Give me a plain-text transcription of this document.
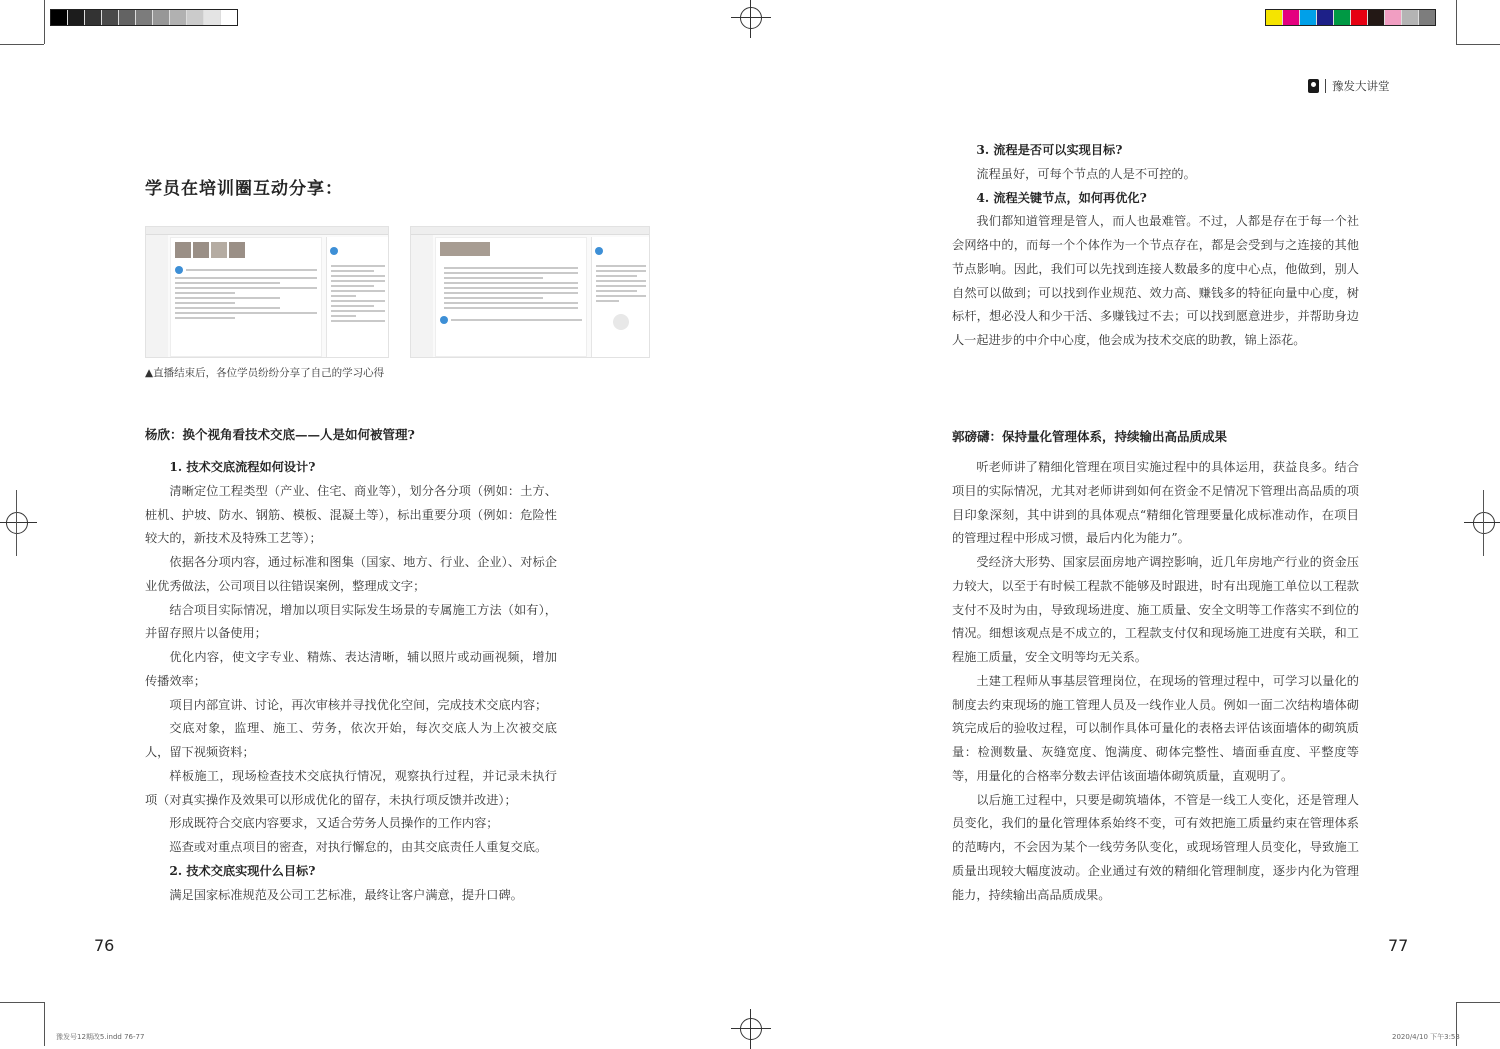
豫发大讲堂
学员在培训圈互动分享：
▲直播结束后，各位学员纷纷分享了自己的学习心得
杨欣：换个视角看技术交底——人是如何被管理?

1. 技术交底流程如何设计?

清晰定位工程类型（产业、住宅、商业等），划分各分项（例如：土方、桩机、护坡、防水、钢筋、模板、混凝土等），标出重要分项（例如：危险性较大的，新技术及特殊工艺等）；

依据各分项内容，通过标准和图集（国家、地方、行业、企业）、对标企业优秀做法，公司项目以往错误案例，整理成文字；

结合项目实际情况，增加以项目实际发生场景的专属施工方法（如有），并留存照片以备使用；

优化内容，使文字专业、精炼、表达清晰，辅以照片或动画视频，增加传播效率；

项目内部宣讲、讨论，再次审核并寻找优化空间，完成技术交底内容；

交底对象，监理、施工、劳务，依次开始，每次交底人为上次被交底人，留下视频资料；

样板施工，现场检查技术交底执行情况，观察执行过程，并记录未执行项（对真实操作及效果可以形成优化的留存，未执行项反馈并改进）；

形成既符合交底内容要求，又适合劳务人员操作的工作内容；

巡查或对重点项目的密查，对执行懈怠的，由其交底责任人重复交底。

2. 技术交底实现什么目标?

满足国家标准规范及公司工艺标准，最终让客户满意，提升口碑。

76

3. 流程是否可以实现目标?

流程虽好，可每个节点的人是不可控的。

4. 流程关键节点，如何再优化?

我们都知道管理是管人，而人也最难管。不过，人都是存在于每一个社会网络中的，而每一个个体作为一个节点存在，都是会受到与之连接的其他节点影响。因此，我们可以先找到连接人数最多的度中心点，他做到，别人自然可以做到；可以找到作业规范、效力高、赚钱多的特征向量中心度，树标杆，想必没人和少干活、多赚钱过不去；可以找到愿意进步，并帮助身边人一起进步的中介中心度，他会成为技术交底的助教，锦上添花。

郭磅礴：保持量化管理体系，持续输出高品质成果

听老师讲了精细化管理在项目实施过程中的具体运用，获益良多。结合项目的实际情况，尤其对老师讲到如何在资金不足情况下管理出高品质的项目印象深刻，其中讲到的具体观点“精细化管理要量化成标准动作，在项目的管理过程中形成习惯，最后内化为能力”。

受经济大形势、国家层面房地产调控影响，近几年房地产行业的资金压力较大，以至于有时候工程款不能够及时跟进，时有出现施工单位以工程款支付不及时为由，导致现场进度、施工质量、安全文明等工作落实不到位的情况。细想该观点是不成立的，工程款支付仅和现场施工进度有关联，和工程施工质量，安全文明等均无关系。

土建工程师从事基层管理岗位，在现场的管理过程中，可学习以量化的制度去约束现场的施工管理人员及一线作业人员。例如一面二次结构墙体砌筑完成后的验收过程，可以制作具体可量化的表格去评估该面墙体的砌筑质量：检测数量、灰缝宽度、饱满度、砌体完整性、墙面垂直度、平整度等等，用量化的合格率分数去评估该面墙体砌筑质量，直观明了。

以后施工过程中，只要是砌筑墙体，不管是一线工人变化，还是管理人员变化，我们的量化管理体系始终不变，可有效把施工质量约束在管理体系的范畴内，不会因为某个一线劳务队变化，或现场管理人员变化，导致施工质量出现较大幅度波动。企业通过有效的精细化管理制度，逐步内化为管理能力，持续输出高品质成果。

77
豫发号12期改5.indd 76-77	2020/4/10 下午3:53
